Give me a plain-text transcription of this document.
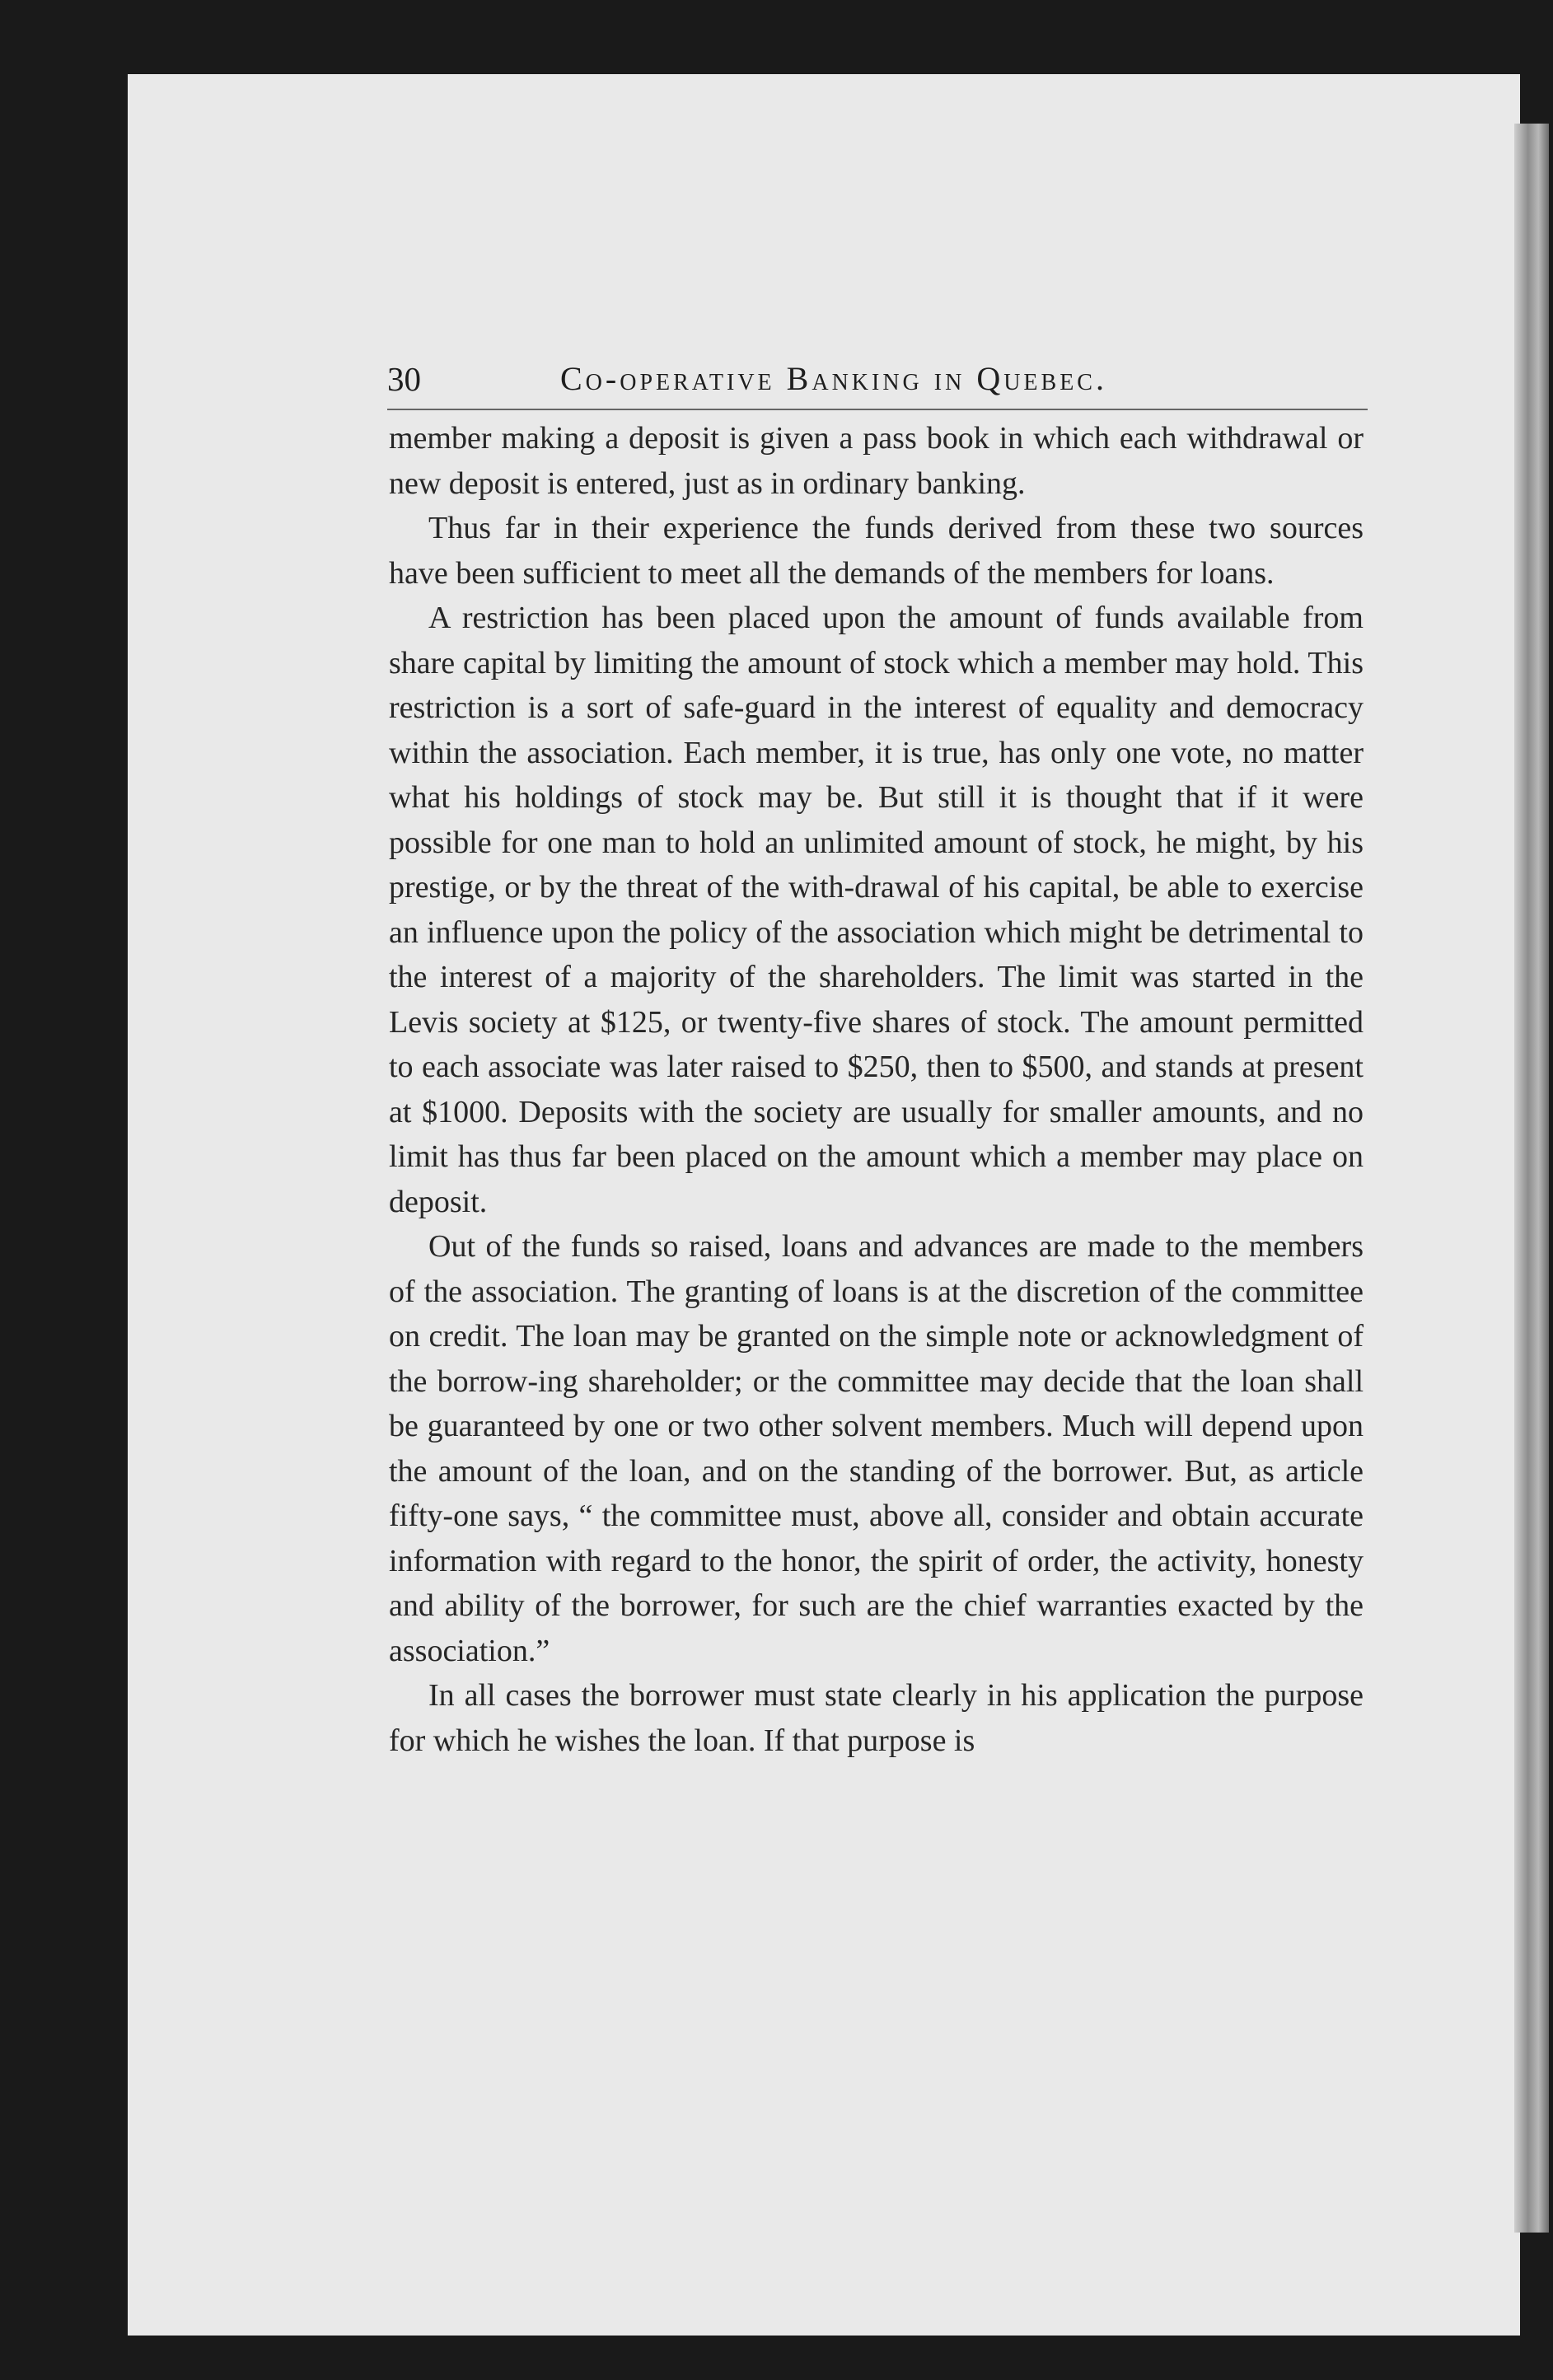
30	Co-operative Banking in Quebec.

member making a deposit is given a pass book in which each withdrawal or new deposit is entered, just as in ordinary banking.

Thus far in their experience the funds derived from these two sources have been sufficient to meet all the demands of the members for loans.

A restriction has been placed upon the amount of funds available from share capital by limiting the amount of stock which a member may hold. This restriction is a sort of safe-guard in the interest of equality and democracy within the association. Each member, it is true, has only one vote, no matter what his holdings of stock may be. But still it is thought that if it were possible for one man to hold an unlimited amount of stock, he might, by his prestige, or by the threat of the with-drawal of his capital, be able to exercise an influence upon the policy of the association which might be detrimental to the interest of a majority of the shareholders. The limit was started in the Levis society at $125, or twenty-five shares of stock. The amount permitted to each associate was later raised to $250, then to $500, and stands at present at $1000. Deposits with the society are usually for smaller amounts, and no limit has thus far been placed on the amount which a member may place on deposit.

Out of the funds so raised, loans and advances are made to the members of the association. The granting of loans is at the discretion of the committee on credit. The loan may be granted on the simple note or acknowledgment of the borrow-ing shareholder; or the committee may decide that the loan shall be guaranteed by one or two other solvent members. Much will depend upon the amount of the loan, and on the standing of the borrower. But, as article fifty-one says, “ the committee must, above all, consider and obtain accurate information with regard to the honor, the spirit of order, the activity, honesty and ability of the borrower, for such are the chief warranties exacted by the association.”

In all cases the borrower must state clearly in his application the purpose for which he wishes the loan. If that purpose is
